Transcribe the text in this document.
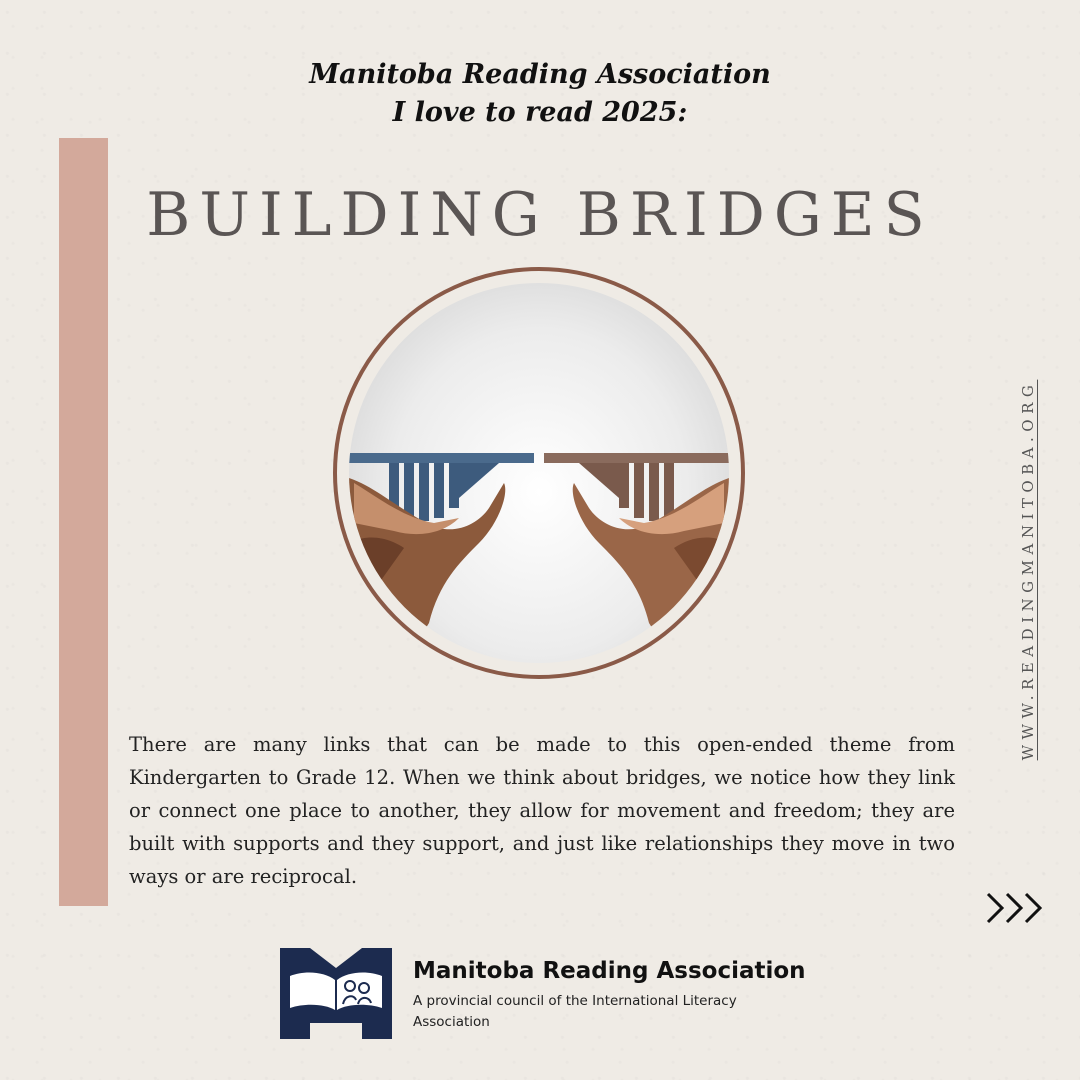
Manitoba Reading Association
I love to read 2025:
BUILDING BRIDGES
WWW.READINGMANITOBA.ORG
There are many links that can be made to this open-ended theme from Kindergarten to Grade 12. When we think about bridges, we notice how they link or connect one place to another, they allow for movement and freedom; they are built with supports and they support, and just like relationships they move in two ways or are reciprocal.
Manitoba Reading Association
A provincial council of the International Literacy Association
